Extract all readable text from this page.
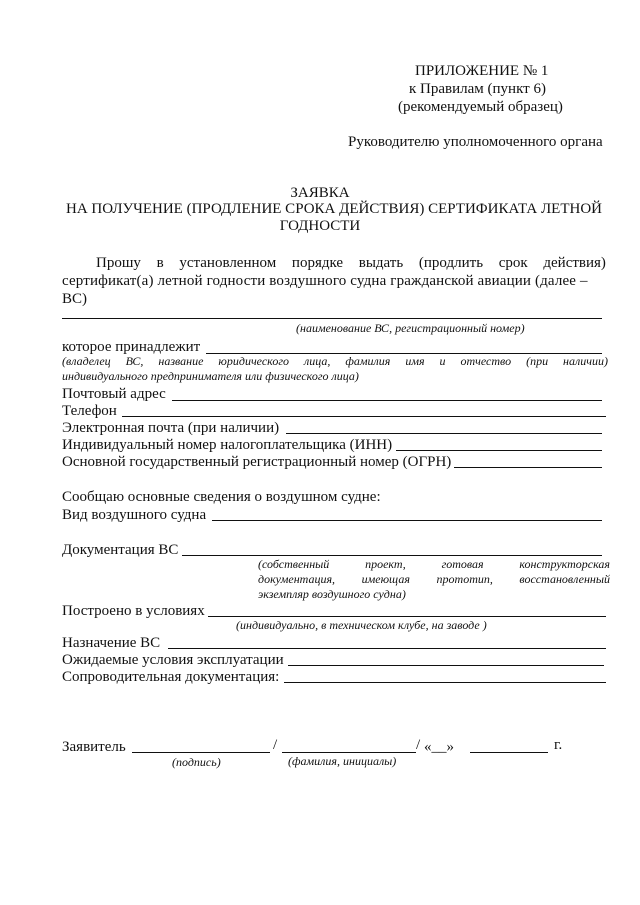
ПРИЛОЖЕНИЕ № 1
к Правилам (пункт 6)
(рекомендуемый образец)
Руководителю уполномоченного органа
ЗАЯВКА
НА ПОЛУЧЕНИЕ (ПРОДЛЕНИЕ СРОКА ДЕЙСТВИЯ) СЕРТИФИКАТА ЛЕТНОЙ
ГОДНОСТИ
Прошу в установленном порядке выдать (продлить срок действия)
сертификат(а) летной годности воздушного судна гражданской авиации (далее –
ВС)
(наименование ВС, регистрационный номер)
которое принадлежит
(владелец ВС, название юридического лица, фамилия имя и отчество (при наличии)
индивидуального предпринимателя или физического лица)
Почтовый адрес
Телефон
Электронная почта (при наличии)
Индивидуальный номер налогоплательщика (ИНН)
Основной государственный регистрационный номер (ОГРН)
Сообщаю основные сведения о воздушном судне:
Вид воздушного судна
Документация ВС
(собственный	проект,	готовая	конструкторская
документация, имеющая прототип, восстановленный
экземпляр воздушного судна)
Построено в условиях
(индивидуально, в техническом клубе, на заводе )
Назначение ВС
Ожидаемые условия эксплуатации
Сопроводительная документация:
Заявитель	/	/ «__»	г.
(подпись)	(фамилия, инициалы)
